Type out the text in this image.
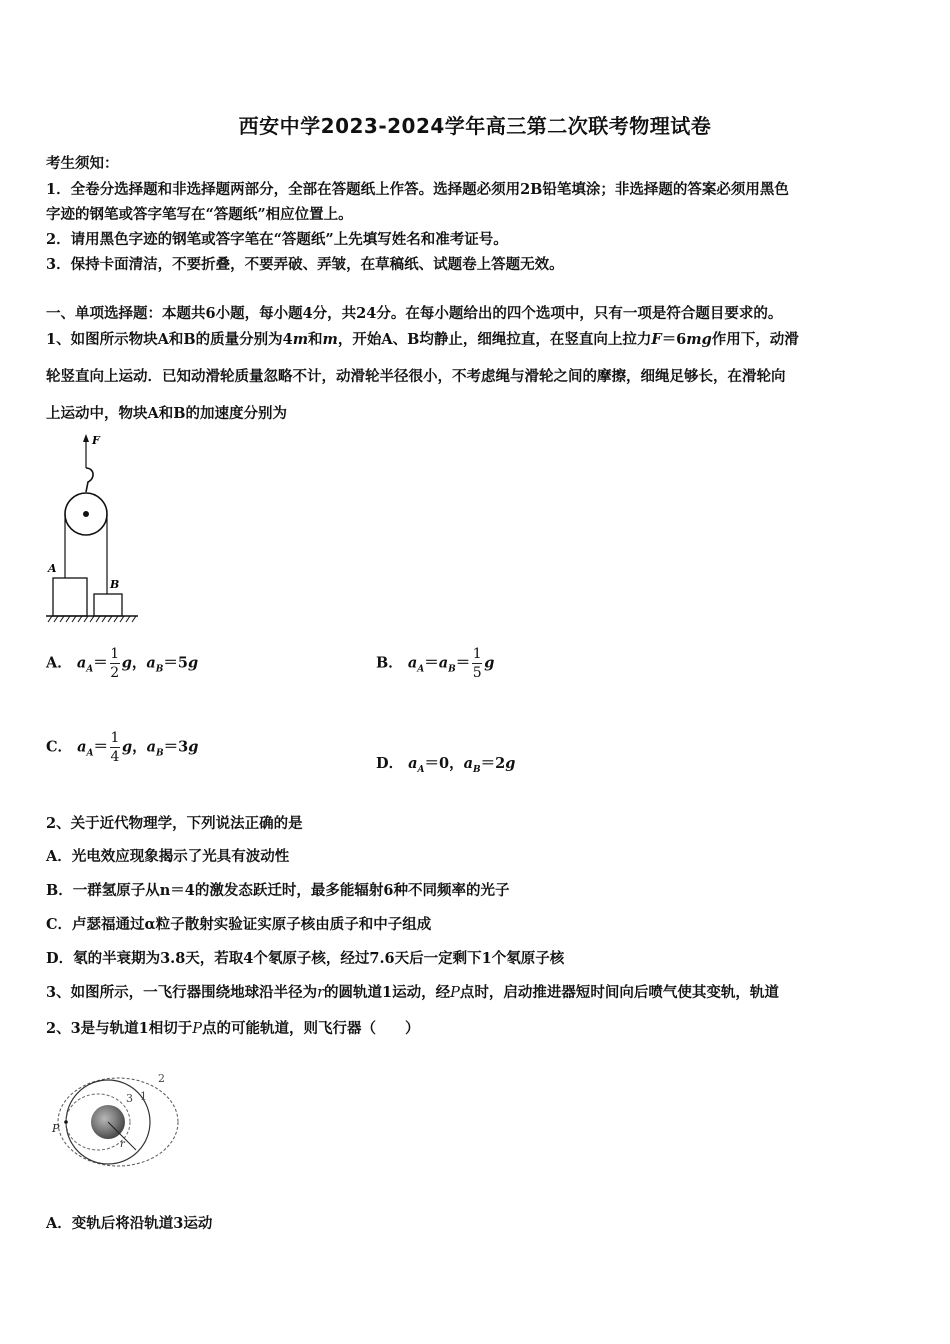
西安中学2023-2024学年高三第二次联考物理试卷
考生须知：
1．全卷分选择题和非选择题两部分，全部在答题纸上作答。选择题必须用2B铅笔填涂；非选择题的答案必须用黑色
字迹的钢笔或答字笔写在“答题纸”相应位置上。
2．请用黑色字迹的钢笔或答字笔在“答题纸”上先填写姓名和准考证号。
3．保持卡面清洁，不要折叠，不要弄破、弄皱，在草稿纸、试题卷上答题无效。
一、单项选择题：本题共6小题，每小题4分，共24分。在每小题给出的四个选项中，只有一项是符合题目要求的。
1、如图所示物块A和B的质量分别为4m和m，开始A、B均静止，细绳拉直，在竖直向上拉力F＝6mg作用下，动滑
轮竖直向上运动．已知动滑轮质量忽略不计，动滑轮半径很小，不考虑绳与滑轮之间的摩擦，细绳足够长，在滑轮向
上运动中，物块A和B的加速度分别为
F
A
B
A． $a_A= \frac{1}{2}$ g，$a_B=5g$	B． $a_A=a_B= \frac{1}{5}$ g
C． $a_A= \frac{1}{4}$ g，$a_B=3g$
D． $a_A=0$，$a_B=2g$
2、关于近代物理学，下列说法正确的是
A．光电效应现象揭示了光具有波动性
B．一群氢原子从n＝4的激发态跃迁时，最多能辐射6种不同频率的光子
C．卢瑟福通过α粒子散射实验证实原子核由质子和中子组成
D．氡的半衰期为3.8天，若取4个氡原子核，经过7.6天后一定剩下1个氡原子核
3、如图所示，一飞行器围绕地球沿半径为r的圆轨道1运动，经P点时，启动推进器短时间向后喷气使其变轨，轨道
2、3是与轨道1相切于P点的可能轨道，则飞行器（　　）
r
P
1
2
3
A．变轨后将沿轨道3运动
